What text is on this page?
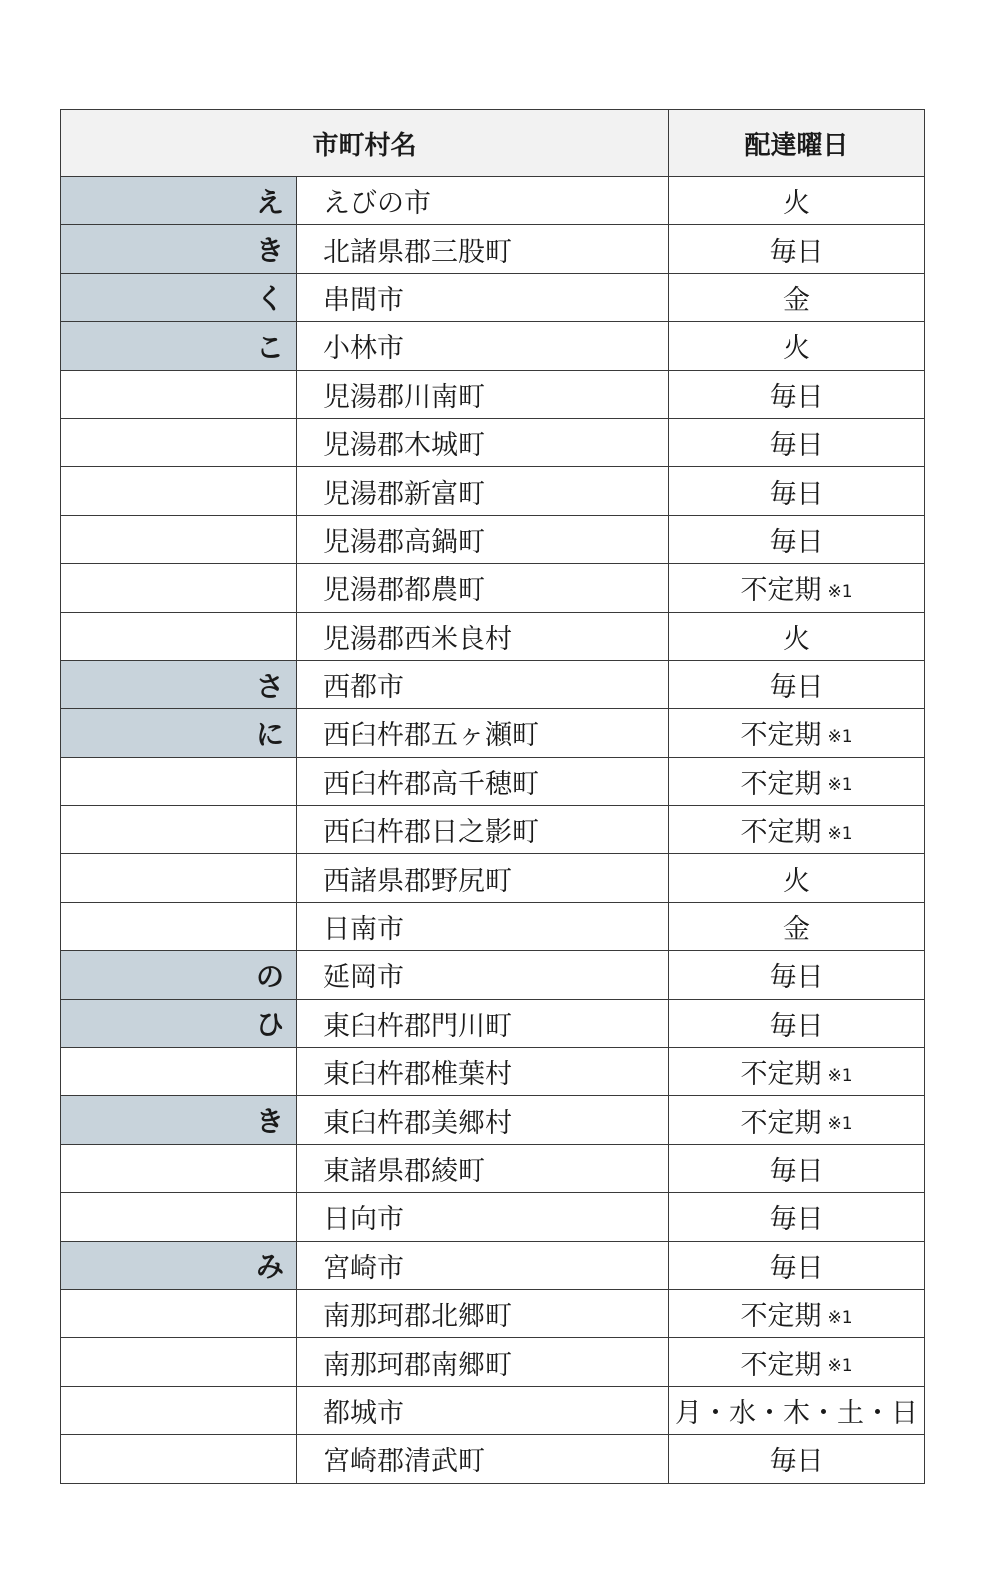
市町村名		配達曜日
え	えびの市	火
き	北諸県郡三股町	毎日
く	串間市	金
こ	小林市	火
	児湯郡川南町	毎日
	児湯郡木城町	毎日
	児湯郡新富町	毎日
	児湯郡高鍋町	毎日
	児湯郡都農町	不定期 ※1
	児湯郡西米良村	火
さ	西都市	毎日
に	西臼杵郡五ヶ瀬町	不定期 ※1
	西臼杵郡高千穂町	不定期 ※1
	西臼杵郡日之影町	不定期 ※1
	西諸県郡野尻町	火
	日南市	金
の	延岡市	毎日
ひ	東臼杵郡門川町	毎日
	東臼杵郡椎葉村	不定期 ※1
き	東臼杵郡美郷村	不定期 ※1
	東諸県郡綾町	毎日
	日向市	毎日
み	宮崎市	毎日
	南那珂郡北郷町	不定期 ※1
	南那珂郡南郷町	不定期 ※1
	都城市	月・水・木・土・日
	宮崎郡清武町	毎日
